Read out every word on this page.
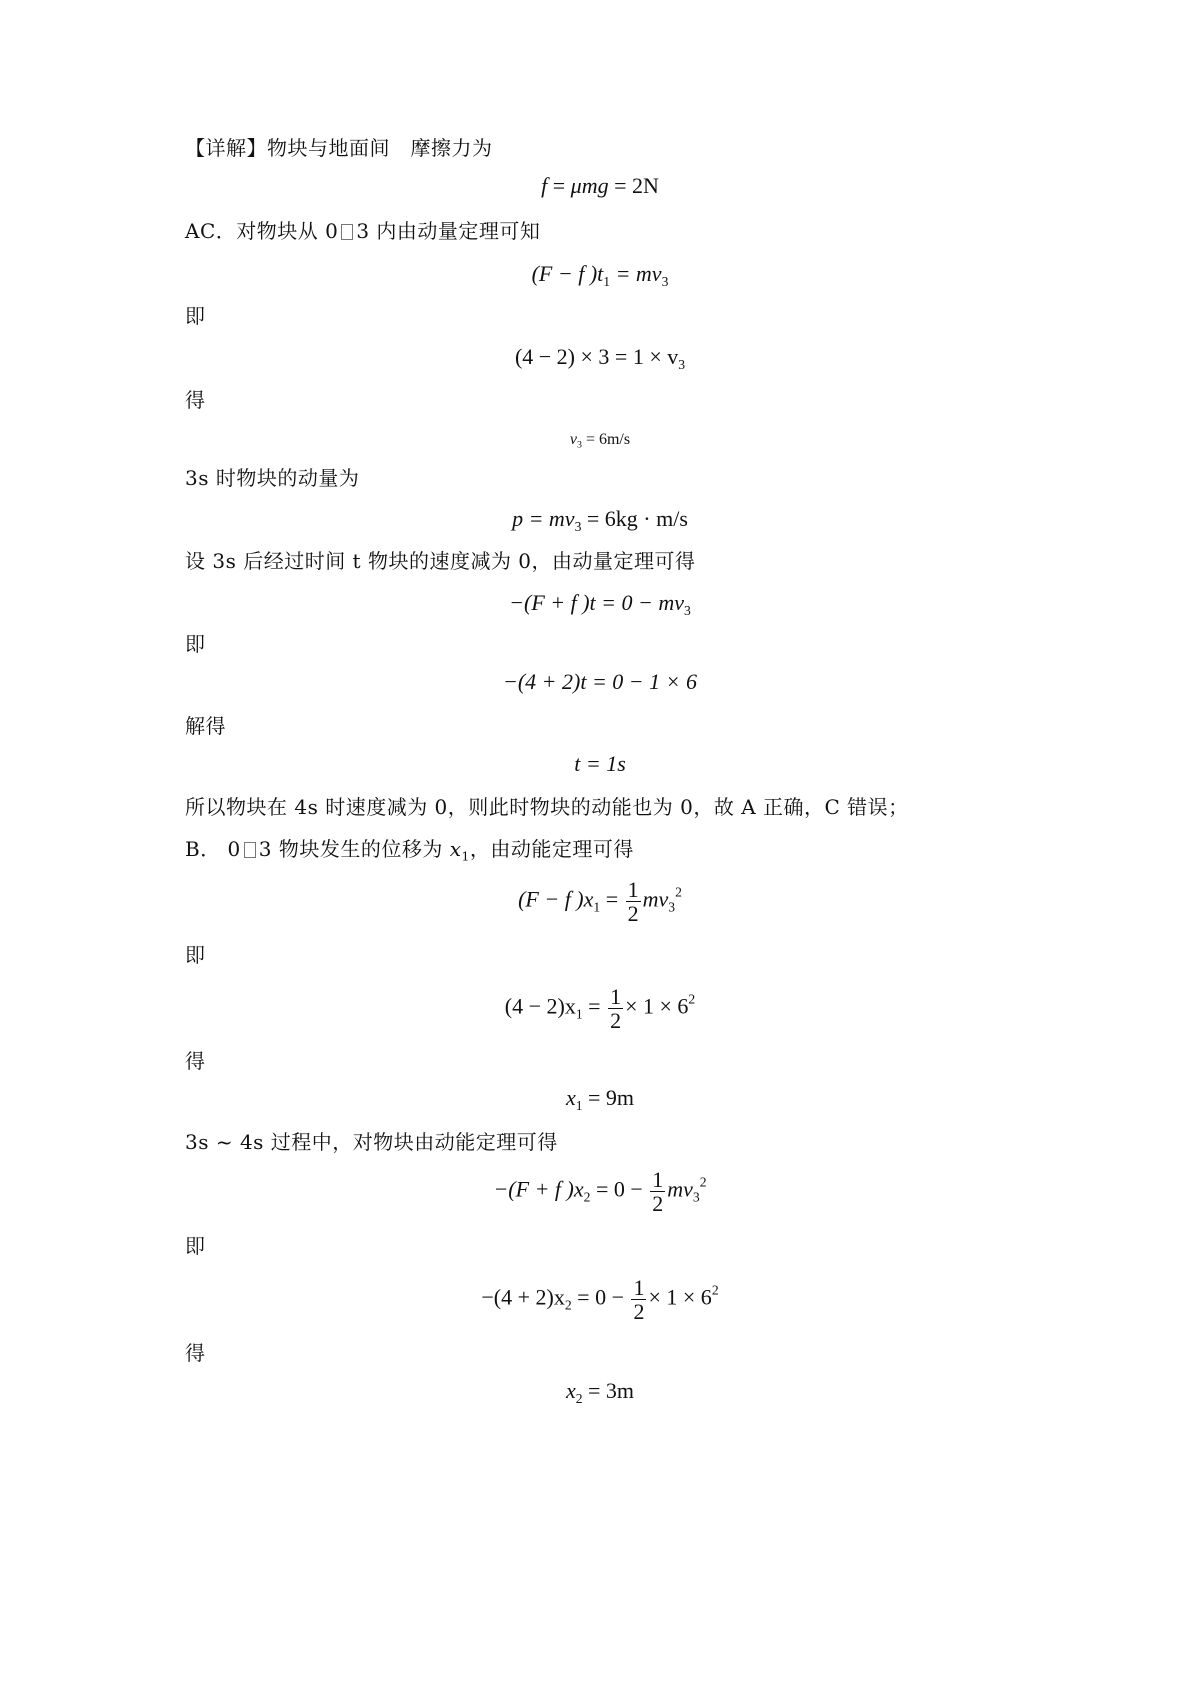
【详解】物块与地面间　摩擦力为
f = μmg = 2N
AC．对物块从 0 3 内由动量定理可知
(F − f )$t_1 = mv_3$
即
$(4 - 2) \times 3 = 1 \times v_3$
得
$v_3 = 6m/s$
3s 时物块的动量为
$p = mv_3 = 6kg \cdot m/s$
设 3s 后经过时间 t 物块的速度减为 0，由动量定理可得
−(F + f )$t = 0 - mv_3$
即
−(4 + 2)t = 0 − 1 × 6
解得
t = 1s
所以物块在 4s 时速度减为 0，则此时物块的动能也为 0，故 A 正确，C 错误；
B． 0 3 物块发生的位移为 $x_1$，由动能定理可得
(F − f )$x_1 = \frac{1}{2} mv_3^2$
即
$(4 - 2)x_1 = \frac{1}{2} \times 1 \times 6^2$
得
$x_1 = 9m$
3s ~ 4s 过程中，对物块由动能定理可得
−(F + f )$x_2 = 0 - \frac{1}{2} mv_3^2$
即
$-(4 + 2)x_2 = 0 - \frac{1}{2} \times 1 \times 6^2$
得
$x_2 = 3m$
